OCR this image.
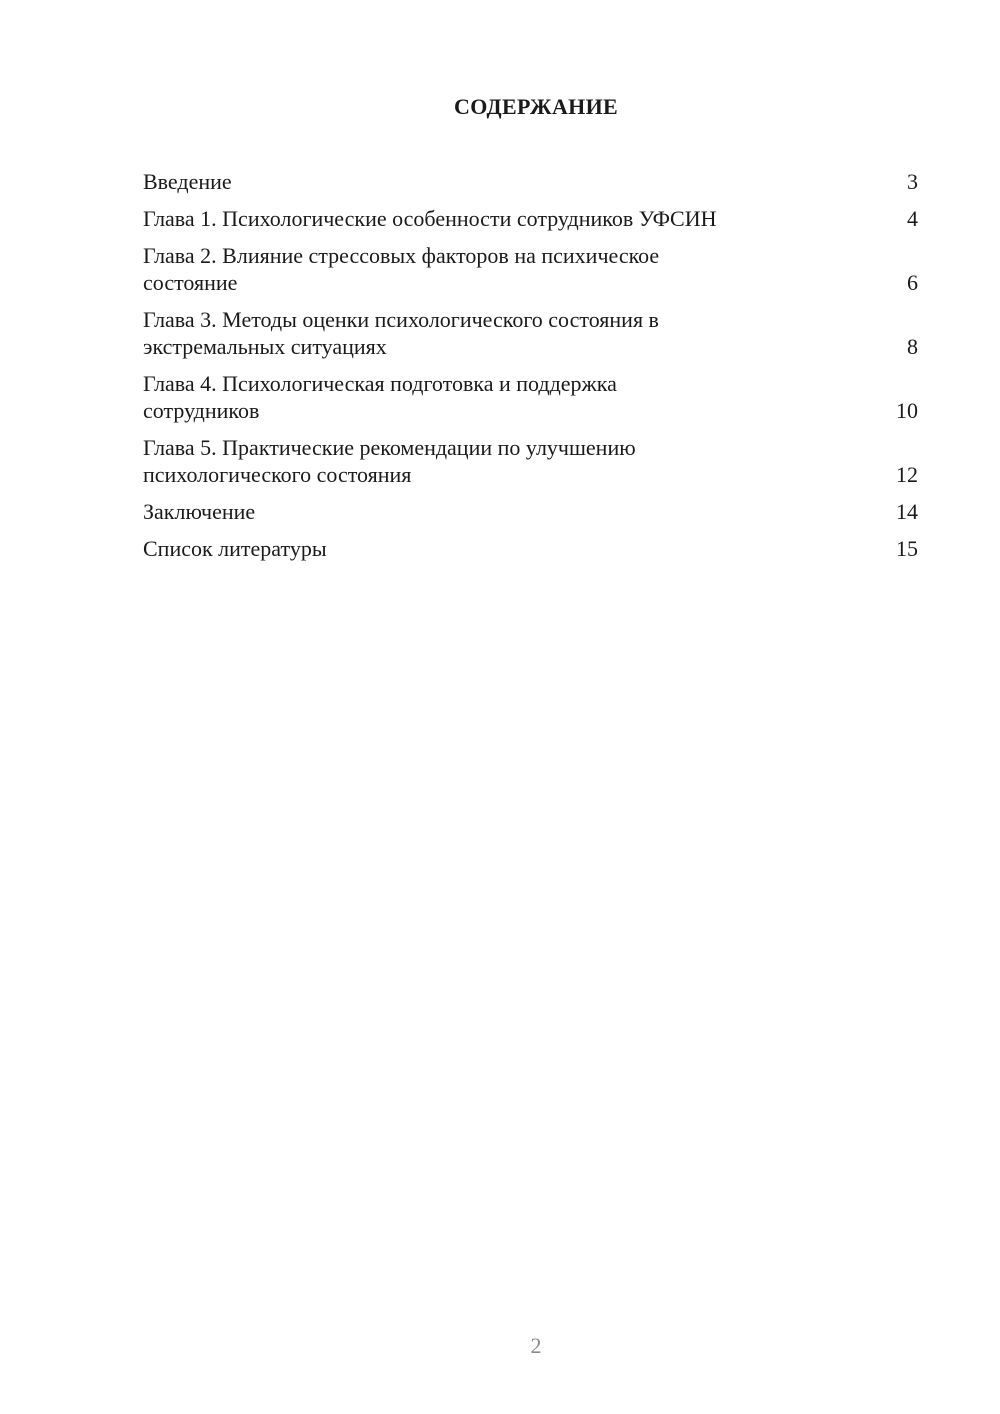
СОДЕРЖАНИЕ
Введение	3
Глава 1. Психологические особенности сотрудников УФСИН	4
Глава 2. Влияние стрессовых факторов на психическое
состояние	6
Глава 3. Методы оценки психологического состояния в
экстремальных ситуациях	8
Глава 4. Психологическая подготовка и поддержка
сотрудников	10
Глава 5. Практические рекомендации по улучшению
психологического состояния	12
Заключение	14
Список литературы	15
2
